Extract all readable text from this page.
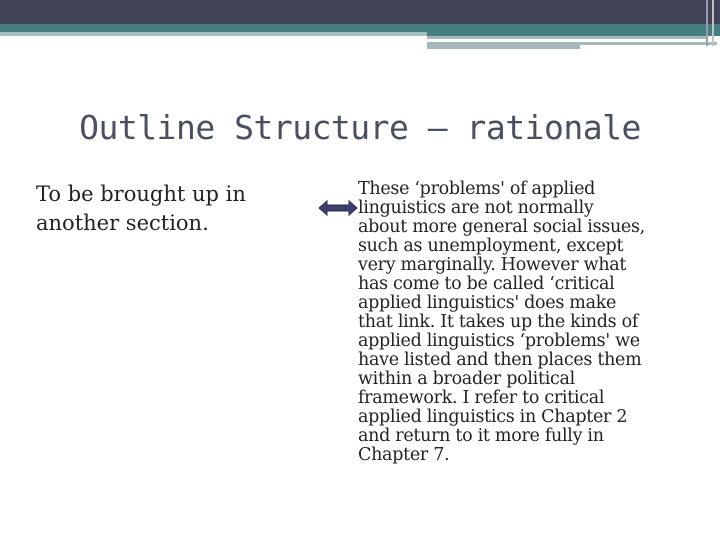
Outline Structure – rationale
To be brought up in another section.
These ‘problems' of applied
linguistics are not normally
about more general social issues,
such as unemployment, except
very marginally. However what
has come to be called ‘critical
applied linguistics' does make
that link. It takes up the kinds of
applied linguistics ‘problems' we
have listed and then places them
within a broader political
framework. I refer to critical
applied linguistics in Chapter 2
and return to it more fully in
Chapter 7.
